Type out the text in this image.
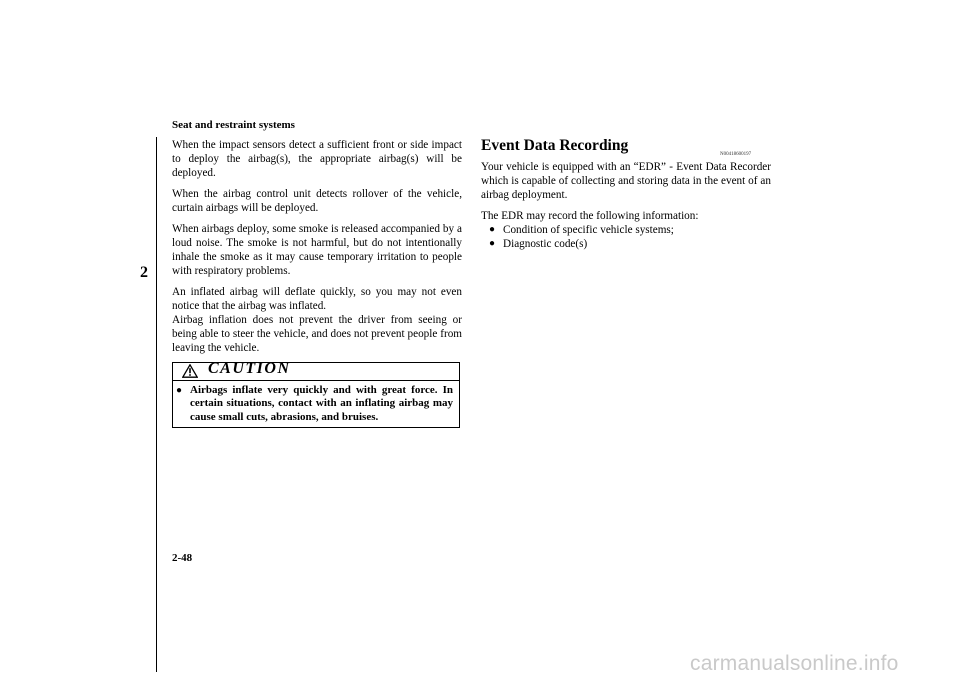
Seat and restraint systems
2

When the impact sensors detect a sufficient front or side impact to deploy the airbag(s), the appropriate airbag(s) will be deployed.

When the airbag control unit detects rollover of the vehicle, curtain airbags will be deployed.

When airbags deploy, some smoke is released accompanied by a loud noise. The smoke is not harmful, but do not intentionally inhale the smoke as it may cause temporary irritation to people with respiratory problems.

An inflated airbag will deflate quickly, so you may not even notice that the airbag was inflated.

Airbag inflation does not prevent the driver from seeing or being able to steer the vehicle, and does not prevent people from leaving the vehicle.

CAUTION
● Airbags inflate very quickly and with great force. In certain situations, contact with an inflating airbag may cause small cuts, abrasions, and bruises.
Event Data Recording
N00418600197

Your vehicle is equipped with an “EDR” - Event Data Recorder which is capable of collecting and storing data in the event of an airbag deployment.

The EDR may record the following information:

● Condition of specific vehicle systems;
● Diagnostic code(s)
2-48
carmanualsonline.info
